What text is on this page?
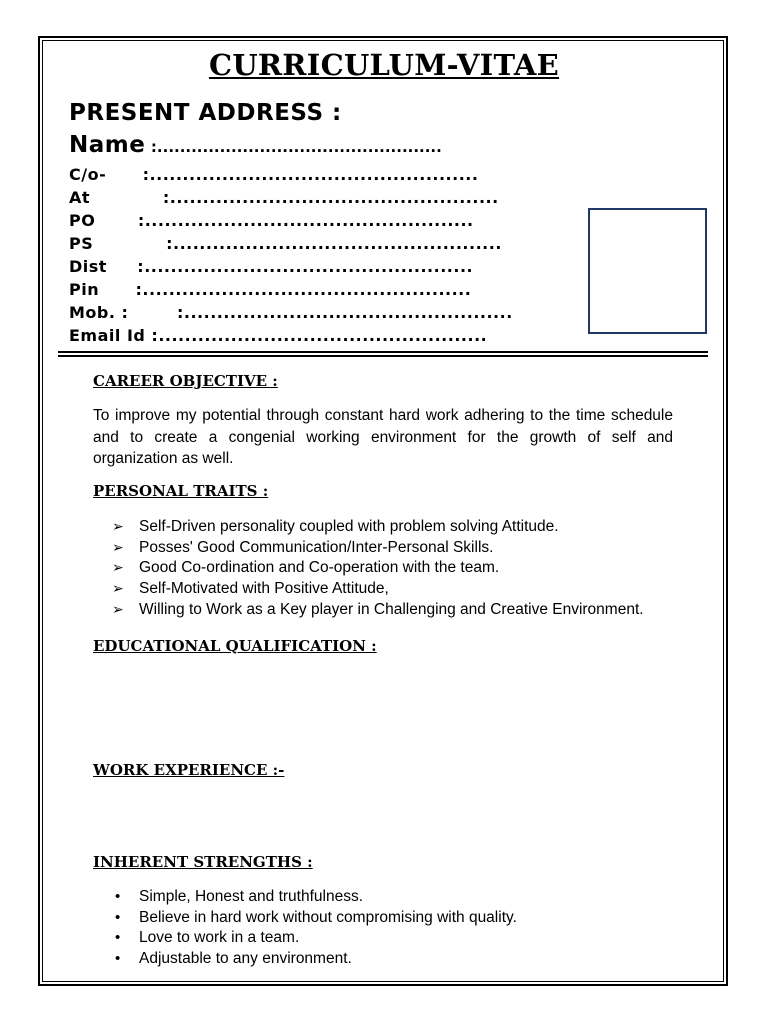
CURRICULUM-VITAE
PRESENT ADDRESS :
Name :..................................................
C/o-      :..................................................
At            :..................................................
PO       :..................................................
PS            :..................................................
Dist     :..................................................
Pin      :..................................................
Mob. :        :..................................................
Email Id :..................................................
CAREER OBJECTIVE :
To improve my potential through constant hard work adhering to the time schedule and to create a congenial working environment for the growth of self and organization as well.
PERSONAL TRAITS :
➢ Self-Driven personality coupled with problem solving Attitude.
➢ Posses' Good Communication/Inter-Personal Skills.
➢ Good Co-ordination and Co-operation with the team.
➢ Self-Motivated with Positive Attitude,
➢ Willing to Work as a Key player in Challenging and Creative Environment.
EDUCATIONAL QUALIFICATION :
WORK EXPERIENCE :-
INHERENT STRENGTHS :
• Simple, Honest and truthfulness.
• Believe in hard work without compromising with quality.
• Love to work in a team.
• Adjustable to any environment.
